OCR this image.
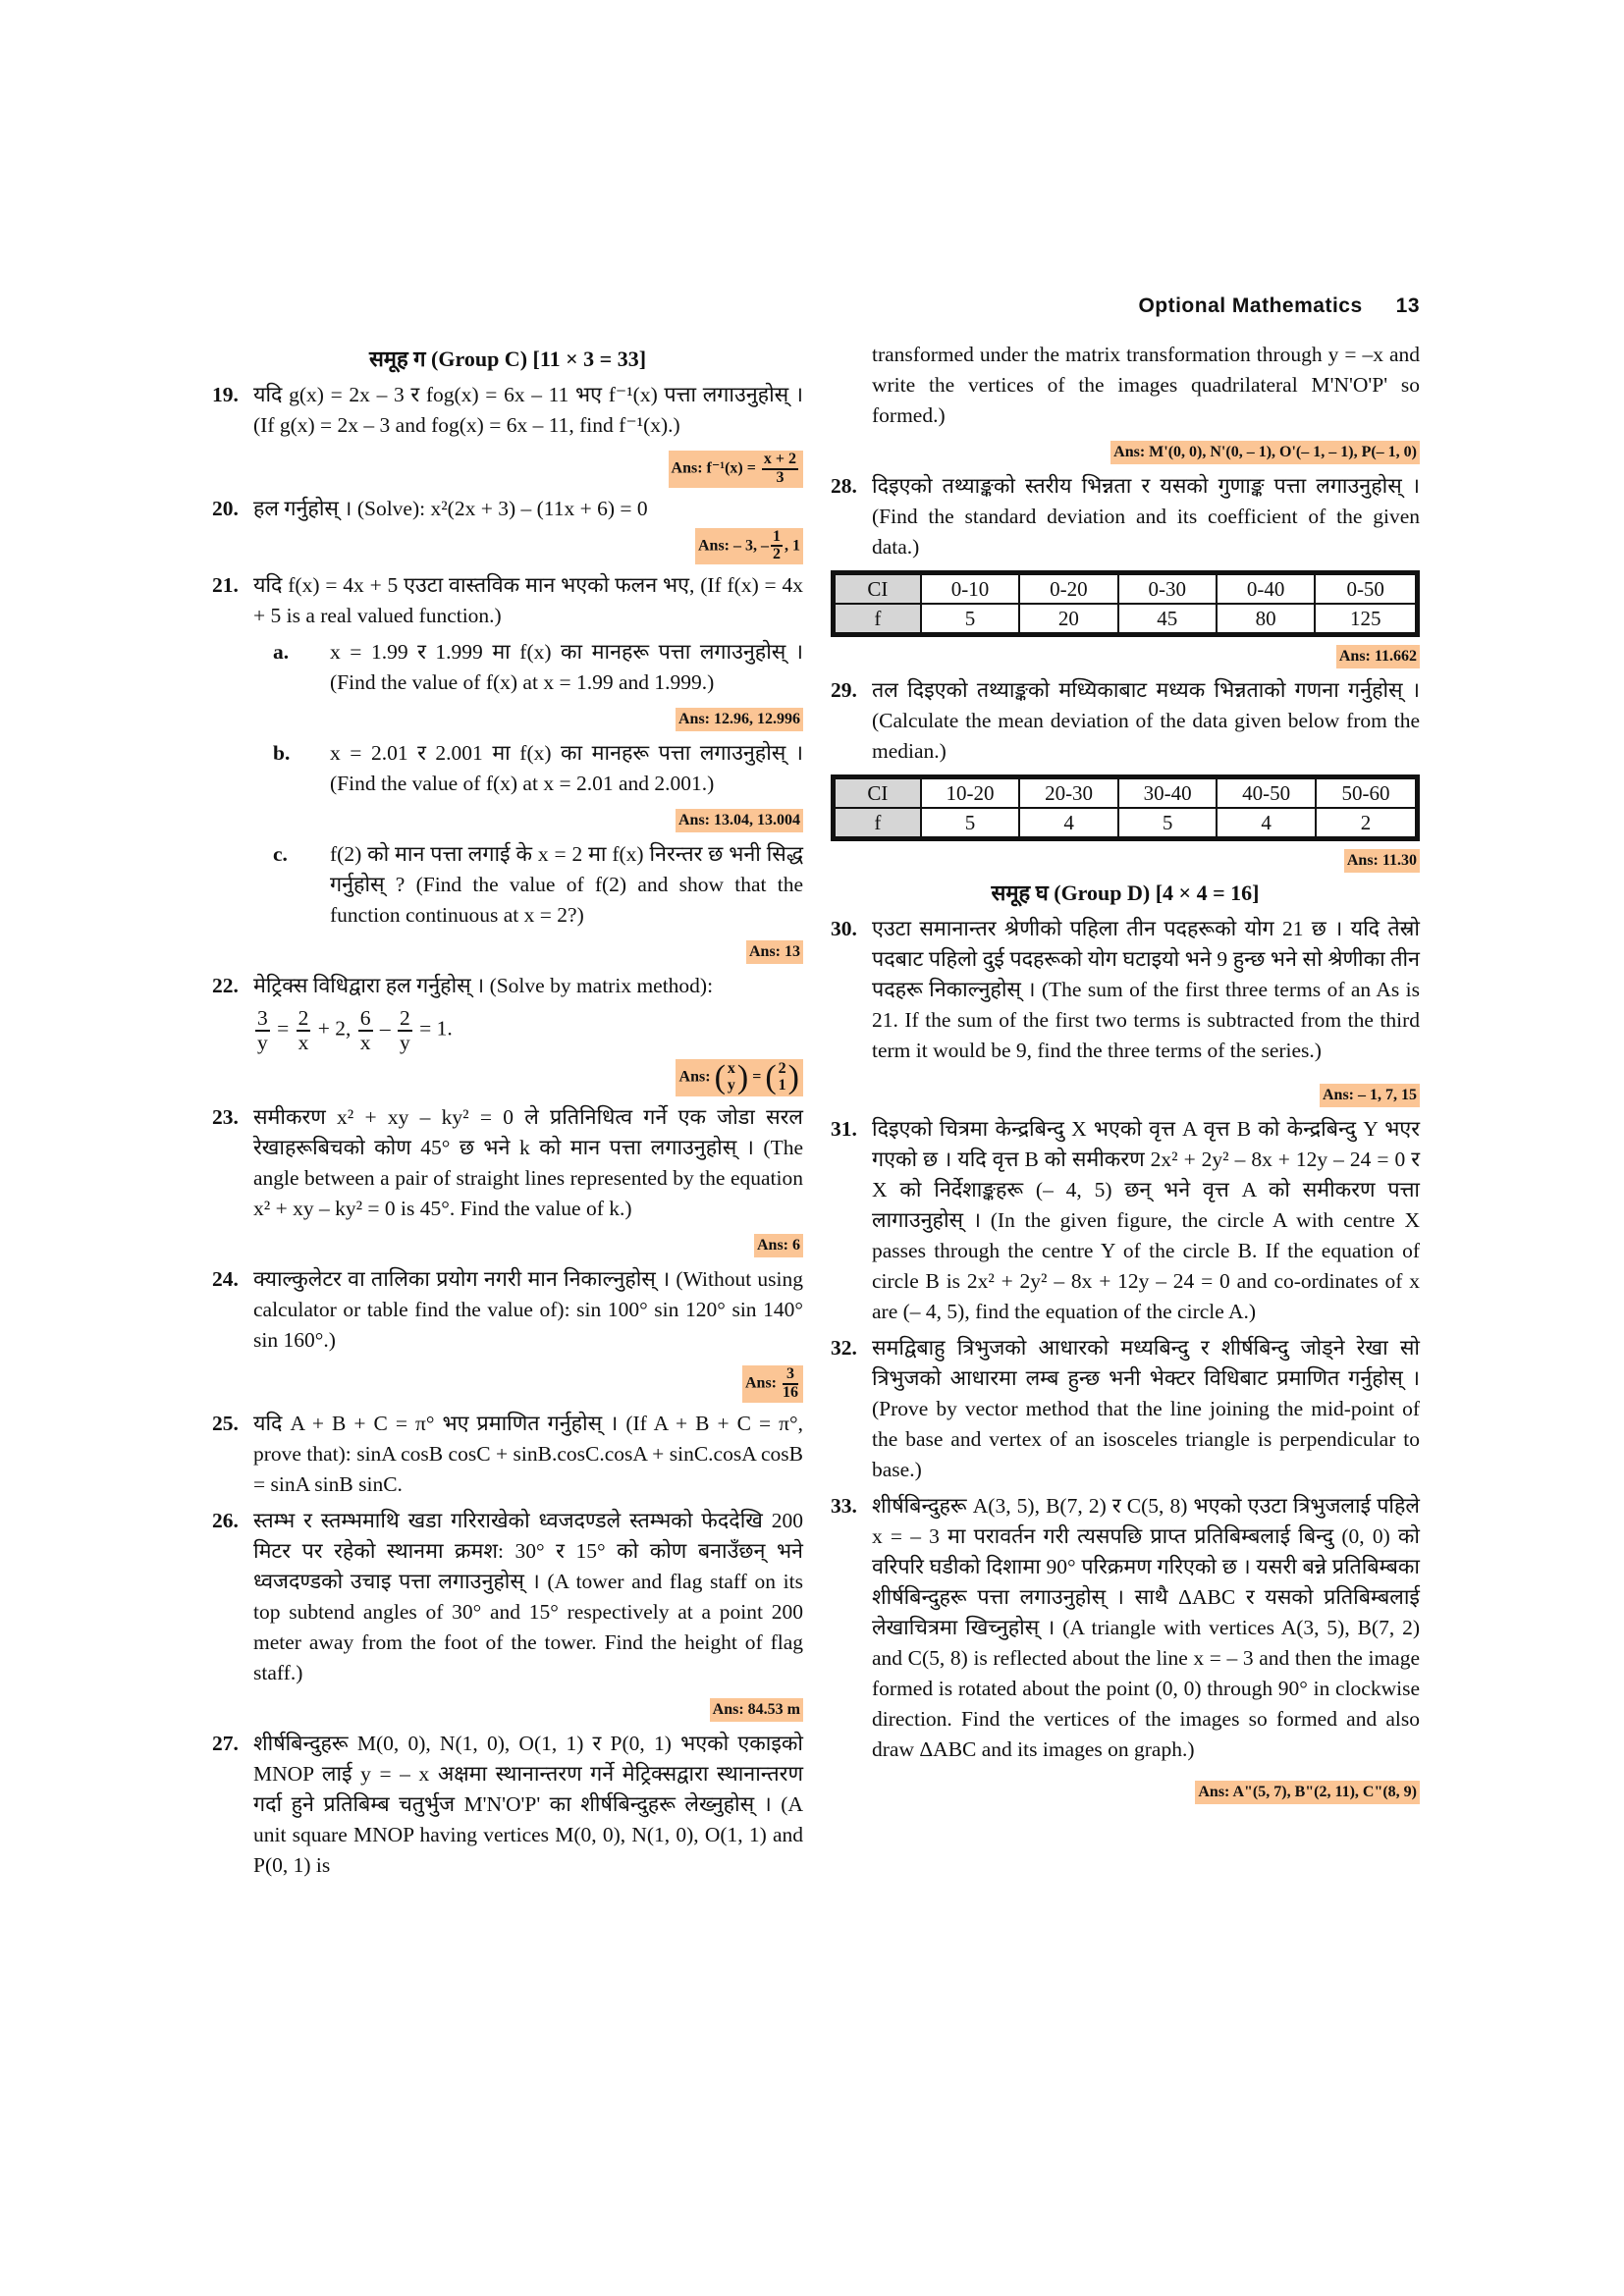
Optional Mathematics 13
समूह ग (Group C) [11 × 3 = 33]
19. यदि g(x) = 2x – 3 र fog(x) = 6x – 11 भए f⁻¹(x) पत्ता लगाउनुहोस् । (If g(x) = 2x – 3 and fog(x) = 6x – 11, find f⁻¹(x).)
Ans: $f^{-1}(x) = \frac{x + 2}{3}$
20. हल गर्नुहोस् । (Solve): x²(2x + 3) – (11x + 6) = 0
Ans: – 3, – $\frac{1}{2}$ , 1
21. यदि f(x) = 4x + 5 एउटा वास्तविक मान भएको फलन भए, (If f(x) = 4x + 5 is a real valued function.)
a.	x = 1.99 र 1.999 मा f(x) का मानहरू पत्ता लगाउनुहोस् । (Find the value of f(x) at x = 1.99 and 1.999.)
Ans: 12.96, 12.996
b.	x = 2.01 र 2.001 मा f(x) का मानहरू पत्ता लगाउनुहोस् । (Find the value of f(x) at x = 2.01 and 2.001.)
Ans: 13.04, 13.004
c.	f(2) को मान पत्ता लगाई के x = 2 मा f(x) निरन्तर छ भनी सिद्ध गर्नुहोस् ? (Find the value of f(2) and show that the function continuous at x = 2?)
Ans: 13
22. मेट्रिक्स विधिद्वारा हल गर्नुहोस् । (Solve by matrix method):
$\frac{3}{y} = \frac{2}{x} + 2$, $\frac{6}{x} - \frac{2}{y} = 1$.
Ans: ( x
y ) = ( 2
1 )
23. समीकरण x² + xy – ky² = 0 ले प्रतिनिधित्व गर्ने एक जोडा सरल रेखाहरूबिचको कोण 45° छ भने k को मान पत्ता लगाउनुहोस् । (The angle between a pair of straight lines represented by the equation x² + xy – ky² = 0 is 45°. Find the value of k.)
Ans: 6
24. क्याल्कुलेटर वा तालिका प्रयोग नगरी मान निकाल्नुहोस् । (Without using calculator or table find the value of): sin 100° sin 120° sin 140° sin 160°.)
Ans: $\frac{3}{16}$
25. यदि A + B + C = π° भए प्रमाणित गर्नुहोस् । (If A + B + C = π°, prove that): sinA cosB cosC + sinB.cosC.cosA + sinC.cosA cosB = sinA sinB sinC.
26. स्तम्भ र स्तम्भमाथि खडा गरिराखेको ध्वजदण्डले स्तम्भको फेददेखि 200 मिटर पर रहेको स्थानमा क्रमश: 30° र 15° को कोण बनाउँछन् भने ध्वजदण्डको उचाइ पत्ता लगाउनुहोस् । (A tower and flag staff on its top subtend angles of 30° and 15° respectively at a point 200 meter away from the foot of the tower. Find the height of flag staff.)
Ans: 84.53 m
27. शीर्षबिन्दुहरू M(0, 0), N(1, 0), O(1, 1) र P(0, 1) भएको एकाइको MNOP लाई y = – x अक्षमा स्थानान्तरण गर्ने मेट्रिक्सद्वारा स्थानान्तरण गर्दा हुने प्रतिबिम्ब चतुर्भुज M'N'O'P' का शीर्षबिन्दुहरू लेख्नुहोस् । (A unit square MNOP having vertices M(0, 0), N(1, 0), O(1, 1) and P(0, 1) is
transformed under the matrix transformation through y = –x and write the vertices of the images quadrilateral M'N'O'P' so formed.)
Ans: M'(0, 0), N'(0, – 1), O'(– 1, – 1), P(– 1, 0)
28. दिइएको तथ्याङ्कको स्तरीय भिन्नता र यसको गुणाङ्क पत्ता लगाउनुहोस् । (Find the standard deviation and its coefficient of the given data.)
CI	0-10	0-20	0-30	0-40	0-50
f	5	20	45	80	125
Ans: 11.662
29. तल दिइएको तथ्याङ्कको मध्यिकाबाट मध्यक भिन्नताको गणना गर्नुहोस् । (Calculate the mean deviation of the data given below from the median.)
CI	10-20	20-30	30-40	40-50	50-60
f	5	4	5	4	2
Ans: 11.30
समूह घ (Group D) [4 × 4 = 16]
30. एउटा समानान्तर श्रेणीको पहिला तीन पदहरूको योग 21 छ । यदि तेस्रो पदबाट पहिलो दुई पदहरूको योग घटाइयो भने 9 हुन्छ भने सो श्रेणीका तीन पदहरू निकाल्नुहोस् । (The sum of the first three terms of an As is 21. If the sum of the first two terms is subtracted from the third term it would be 9, find the three terms of the series.)
Ans: – 1, 7, 15
31. दिइएको चित्रमा केन्द्रबिन्दु X भएको वृत्त A वृत्त B को केन्द्रबिन्दु Y भएर गएको छ । यदि वृत्त B को समीकरण 2x² + 2y² – 8x + 12y – 24 = 0 र X को निर्देशाङ्कहरू (– 4, 5) छन् भने वृत्त A को समीकरण पत्ता लागाउनुहोस् । (In the given figure, the circle A with centre X passes through the centre Y of the circle B. If the equation of circle B is 2x² + 2y² – 8x + 12y – 24 = 0 and co-ordinates of x are (– 4, 5), find the equation of the circle A.)
32. समद्विबाहु त्रिभुजको आधारको मध्यबिन्दु र शीर्षबिन्दु जोड्ने रेखा सो त्रिभुजको आधारमा लम्ब हुन्छ भनी भेक्टर विधिबाट प्रमाणित गर्नुहोस् । (Prove by vector method that the line joining the mid-point of the base and vertex of an isosceles triangle is perpendicular to base.)
33. शीर्षबिन्दुहरू A(3, 5), B(7, 2) र C(5, 8) भएको एउटा त्रिभुजलाई पहिले x = – 3 मा परावर्तन गरी त्यसपछि प्राप्त प्रतिबिम्बलाई बिन्दु (0, 0) को वरिपरि घडीको दिशामा 90° परिक्रमण गरिएको छ । यसरी बन्ने प्रतिबिम्बका शीर्षबिन्दुहरू पत्ता लगाउनुहोस् । साथै ΔABC र यसको प्रतिबिम्बलाई लेखाचित्रमा खिच्नुहोस् । (A triangle with vertices A(3, 5), B(7, 2) and C(5, 8) is reflected about the line x = – 3 and then the image formed is rotated about the point (0, 0) through 90° in clockwise direction. Find the vertices of the images so formed and also draw ΔABC and its images on graph.)
Ans: A"(5, 7), B"(2, 11), C"(8, 9)
